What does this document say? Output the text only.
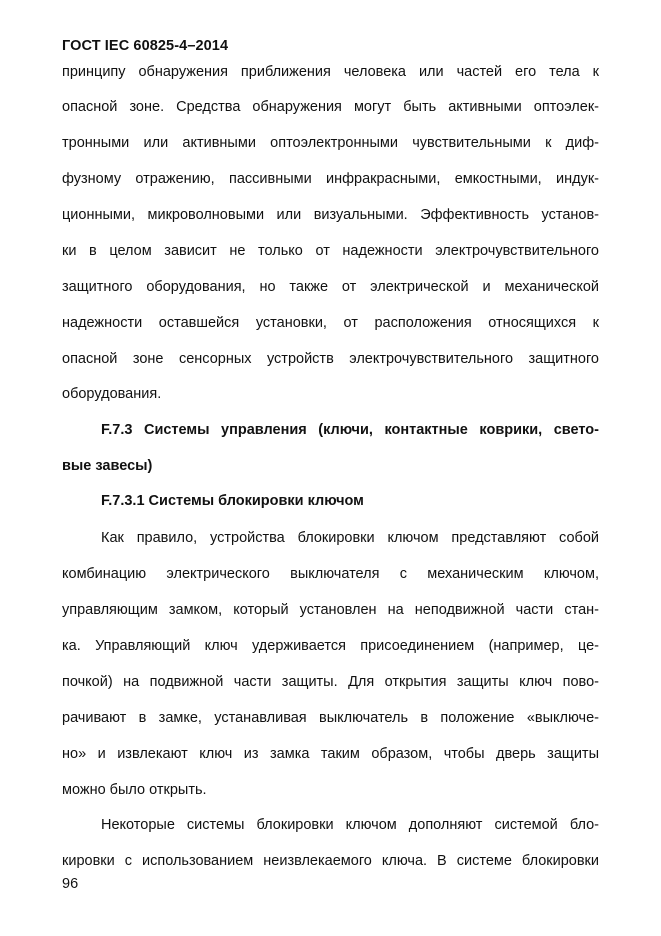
ГОСТ IEC 60825-4–2014
принципу обнаружения приближения человека или частей его тела к
опасной зоне. Средства обнаружения могут быть активными оптоэлек-
тронными или активными оптоэлектронными чувствительными к диф-
фузному отражению, пассивными инфракрасными, емкостными, индук-
ционными, микроволновыми или визуальными. Эффективность установ-
ки в целом зависит не только от надежности электрочувствительного
защитного оборудования, но также от электрической и механической
надежности оставшейся установки, от расположения относящихся к
опасной зоне сенсорных устройств электрочувствительного защитного
оборудования.
F.7.3 Системы управления (ключи, контактные коврики, свето-
вые завесы)
F.7.3.1 Системы блокировки ключом
Как правило, устройства блокировки ключом представляют собой
комбинацию электрического выключателя с механическим ключом,
управляющим замком, который установлен на неподвижной части стан-
ка. Управляющий ключ удерживается присоединением (например, це-
почкой) на подвижной части защиты. Для открытия защиты ключ пово-
рачивают в замке, устанавливая выключатель в положение «выключе-
но» и извлекают ключ из замка таким образом, чтобы дверь защиты
можно было открыть.
Некоторые системы блокировки ключом дополняют системой бло-
кировки с использованием неизвлекаемого ключа. В системе блокировки
96
